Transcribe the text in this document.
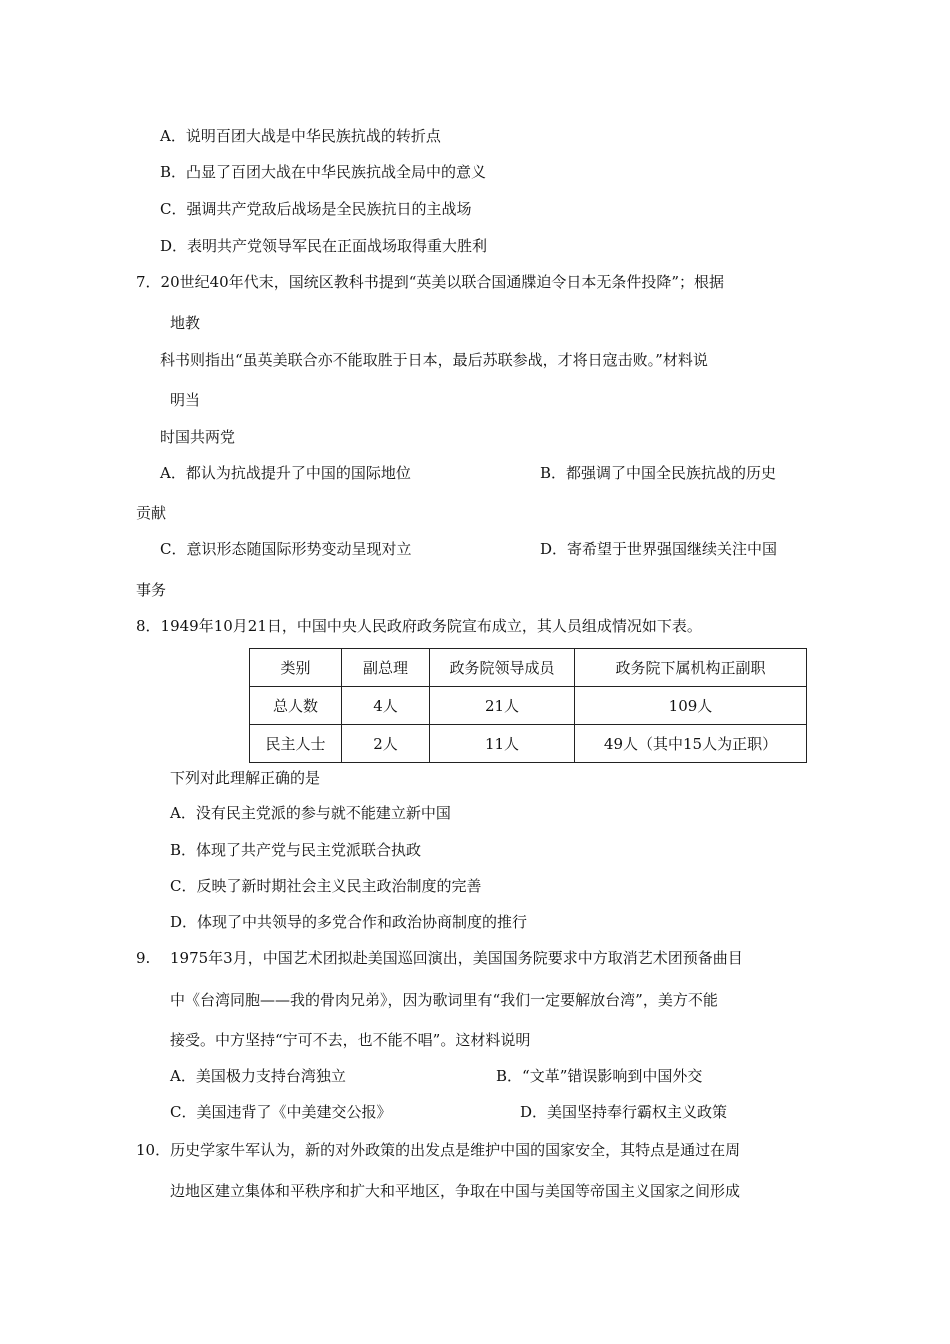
A．说明百团大战是中华民族抗战的转折点
B．凸显了百团大战在中华民族抗战全局中的意义
C．强调共产党敌后战场是全民族抗日的主战场
D．表明共产党领导军民在正面战场取得重大胜利
7．20世纪40年代末，国统区教科书提到“英美以联合国通牒迫令日本无条件投降”；根据
地教
科书则指出“虽英美联合亦不能取胜于日本，最后苏联参战，才将日寇击败。”材料说
明当
时国共两党
A．都认为抗战提升了中国的国际地位	B．都强调了中国全民族抗战的历史
贡献
C．意识形态随国际形势变动呈现对立	D．寄希望于世界强国继续关注中国
事务
8．1949年10月21日，中国中央人民政府政务院宣布成立，其人员组成情况如下表。
类别	副总理	政务院领导成员	政务院下属机构正副职
总人数	4人	21人	109人
民主人士	2人	11人	49人（其中15人为正职）
下列对此理解正确的是
A．没有民主党派的参与就不能建立新中国
B．体现了共产党与民主党派联合执政
C．反映了新时期社会主义民主政治制度的完善
D．体现了中共领导的多党合作和政治协商制度的推行
9. 1975年3月，中国艺术团拟赴美国巡回演出，美国国务院要求中方取消艺术团预备曲目
中《台湾同胞——我的骨肉兄弟》，因为歌词里有“我们一定要解放台湾”，美方不能
接受。中方坚持“宁可不去，也不能不唱”。这材料说明
A．美国极力支持台湾独立	B．“文革”错误影响到中国外交
C．美国违背了《中美建交公报》	D．美国坚持奉行霸权主义政策
10．历史学家牛军认为，新的对外政策的出发点是维护中国的国家安全，其特点是通过在周
边地区建立集体和平秩序和扩大和平地区，争取在中国与美国等帝国主义国家之间形成
